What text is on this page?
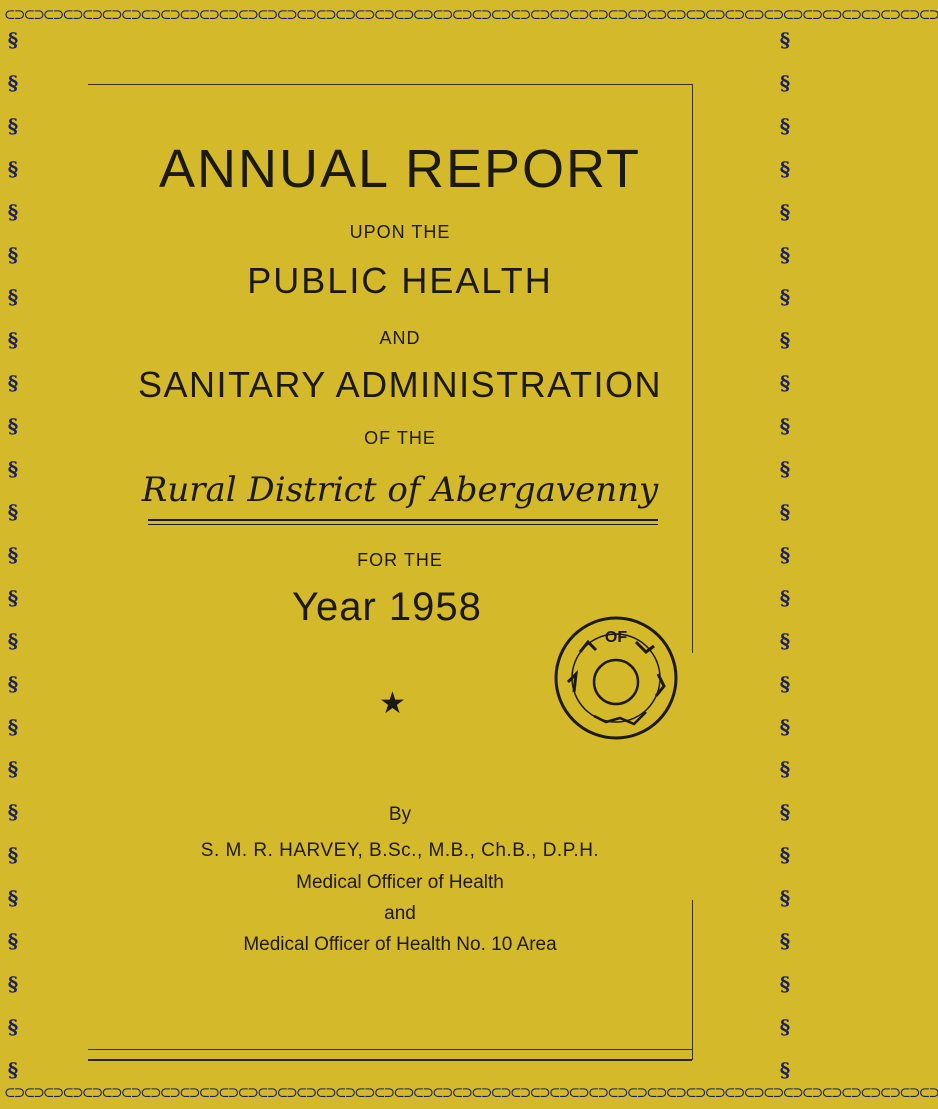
⊂⊃⊂⊃⊂⊃⊂⊃⊂⊃⊂⊃⊂⊃⊂⊃⊂⊃⊂⊃⊂⊃⊂⊃⊂⊃⊂⊃⊂⊃⊂⊃⊂⊃⊂⊃⊂⊃⊂⊃⊂⊃⊂⊃⊂⊃⊂⊃⊂⊃⊂⊃⊂⊃⊂⊃⊂⊃⊂⊃⊂⊃⊂⊃⊂⊃⊂⊃⊂⊃⊂⊃⊂⊃⊂⊃⊂⊃⊂⊃⊂⊃⊂⊃⊂⊃⊂⊃⊂⊃⊂⊃⊂⊃⊂⊃
⊂⊃⊂⊃⊂⊃⊂⊃⊂⊃⊂⊃⊂⊃⊂⊃⊂⊃⊂⊃⊂⊃⊂⊃⊂⊃⊂⊃⊂⊃⊂⊃⊂⊃⊂⊃⊂⊃⊂⊃⊂⊃⊂⊃⊂⊃⊂⊃⊂⊃⊂⊃⊂⊃⊂⊃⊂⊃⊂⊃⊂⊃⊂⊃⊂⊃⊂⊃⊂⊃⊂⊃⊂⊃⊂⊃⊂⊃⊂⊃⊂⊃⊂⊃⊂⊃⊂⊃⊂⊃⊂⊃⊂⊃⊂⊃
§
§
§
§
§
§
§
§
§
§
§
§
§
§
§
§
§
§
§
§
§
§
§
§
§
§
§
§
§
§
§
§
§
§
§
§
§
§
§
§
§
§
§
§
§
§
§
§
§
§
ANNUAL REPORT
UPON THE
PUBLIC HEALTH
AND
SANITARY ADMINISTRATION
OF THE
Rural District of Abergavenny
FOR THE
Year 1958
★
OF
By
S. M. R. HARVEY, B.Sc., M.B., Ch.B., D.P.H.
Medical Officer of Health
and
Medical Officer of Health No. 10 Area
